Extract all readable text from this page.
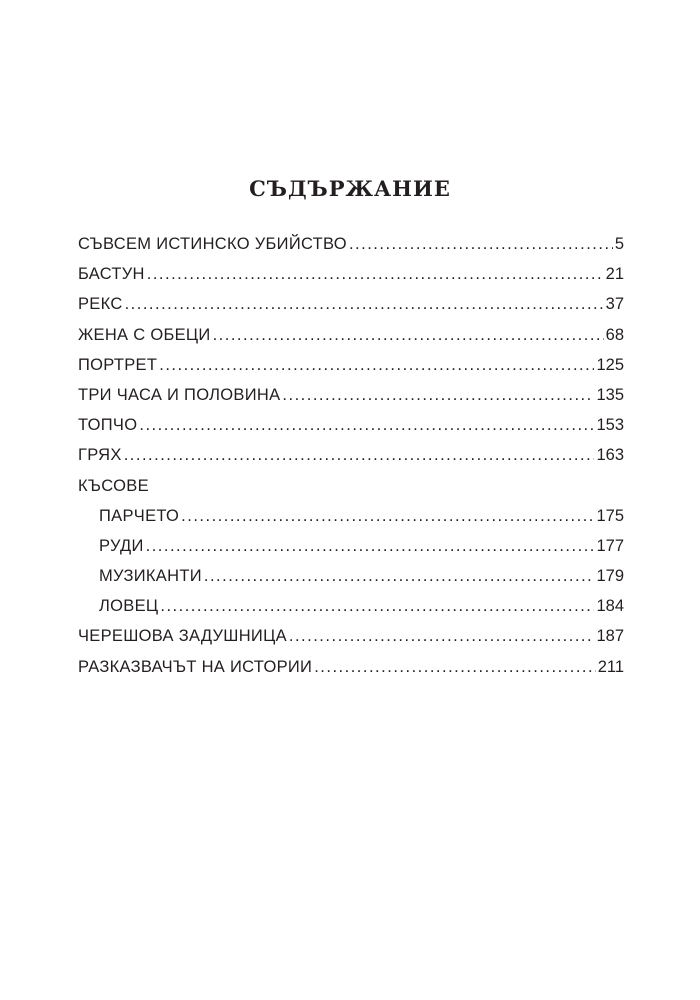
СЪДЪРЖАНИЕ
СЪВСЕМ ИСТИНСКО УБИЙСТВО .....	5
БАСТУН .....	21
РЕКС .....	37
ЖЕНА С ОБЕЦИ .....	68
ПОРТРЕТ .....	125
ТРИ ЧАСА И ПОЛОВИНА .....	135
ТОПЧО .....	153
ГРЯХ .....	163
КЪСОВЕ
ПАРЧЕТО .....	175
РУДИ .....	177
МУЗИКАНТИ .....	179
ЛОВЕЦ .....	184
ЧЕРЕШОВА ЗАДУШНИЦА .....	187
РАЗКАЗВАЧЪТ НА ИСТОРИИ .....	211
